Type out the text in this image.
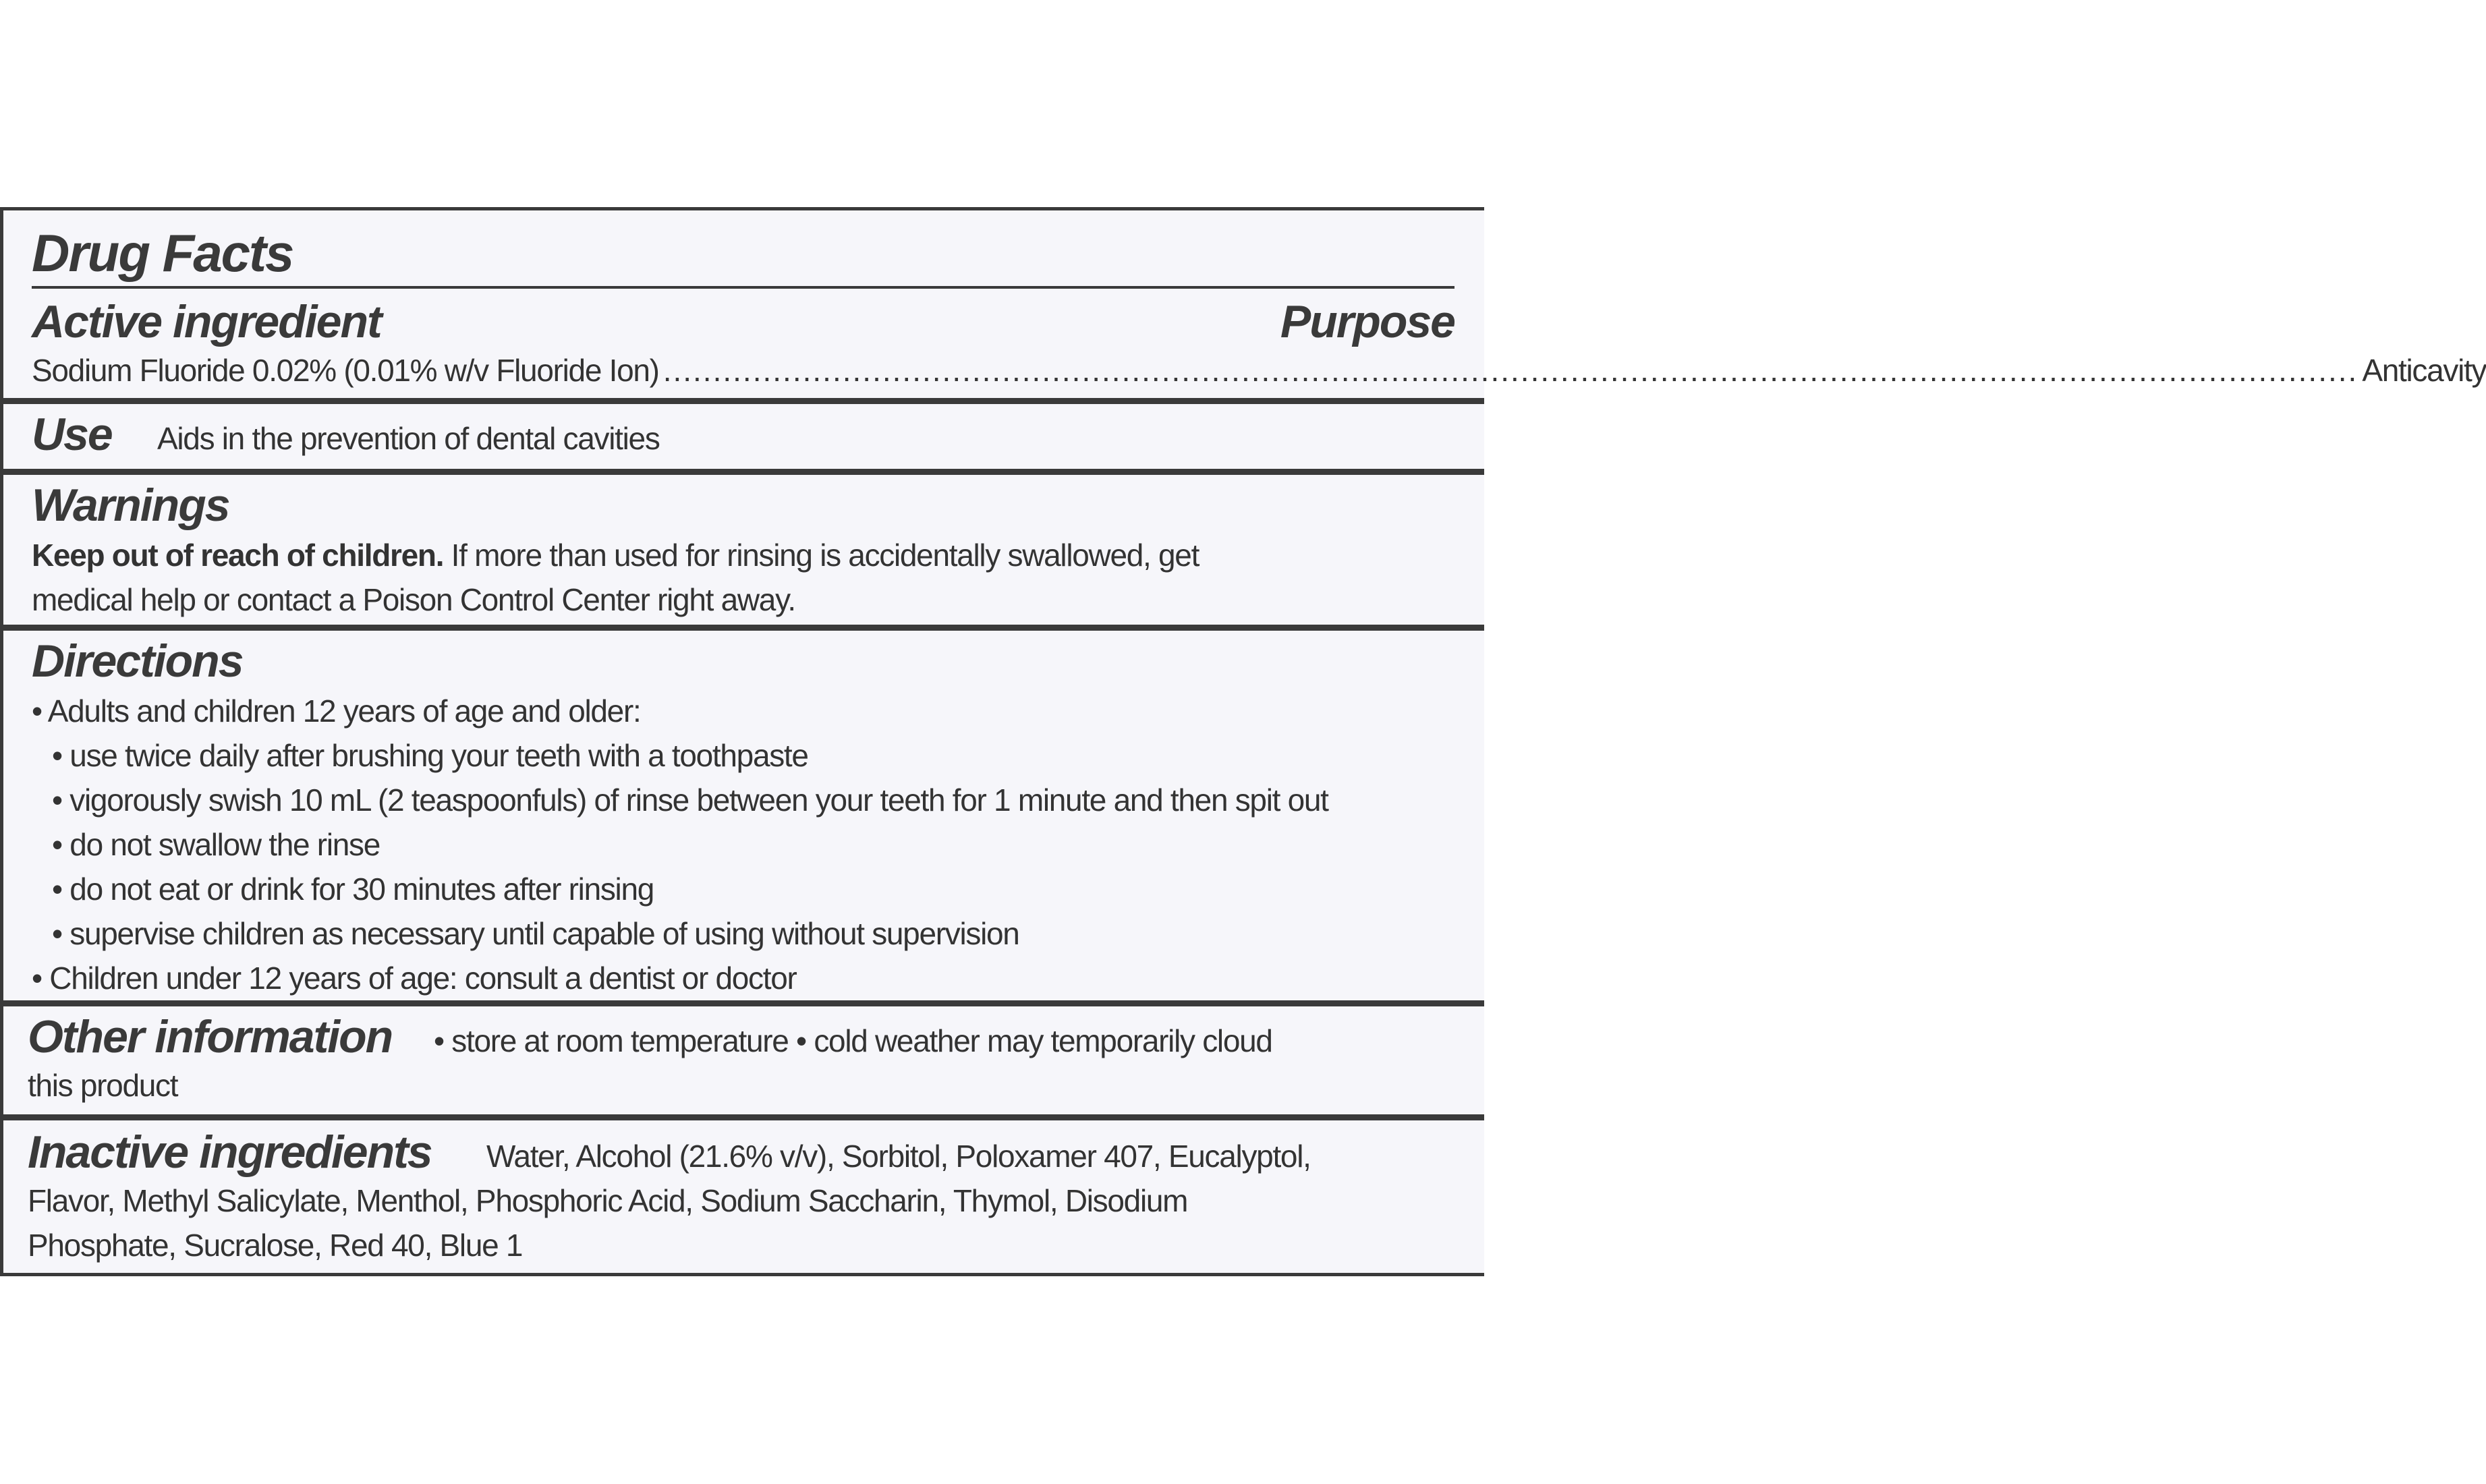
Drug Facts
Active ingredient	Purpose
Sodium Fluoride 0.02% (0.01% w/v Fluoride Ion) .......................................................................................................................................................................... Anticavity
Use Aids in the prevention of dental cavities
Warnings
Keep out of reach of children. If more than used for rinsing is accidentally swallowed, get
medical help or contact a Poison Control Center right away.
Directions
• Adults and children 12 years of age and older:
• use twice daily after brushing your teeth with a toothpaste
• vigorously swish 10 mL (2 teaspoonfuls) of rinse between your teeth for 1 minute and then spit out
• do not swallow the rinse
• do not eat or drink for 30 minutes after rinsing
• supervise children as necessary until capable of using without supervision
• Children under 12 years of age: consult a dentist or doctor
Other information • store at room temperature • cold weather may temporarily cloud
this product
Inactive ingredients Water, Alcohol (21.6% v/v), Sorbitol, Poloxamer 407, Eucalyptol,
Flavor, Methyl Salicylate, Menthol, Phosphoric Acid, Sodium Saccharin, Thymol, Disodium
Phosphate, Sucralose, Red 40, Blue 1
